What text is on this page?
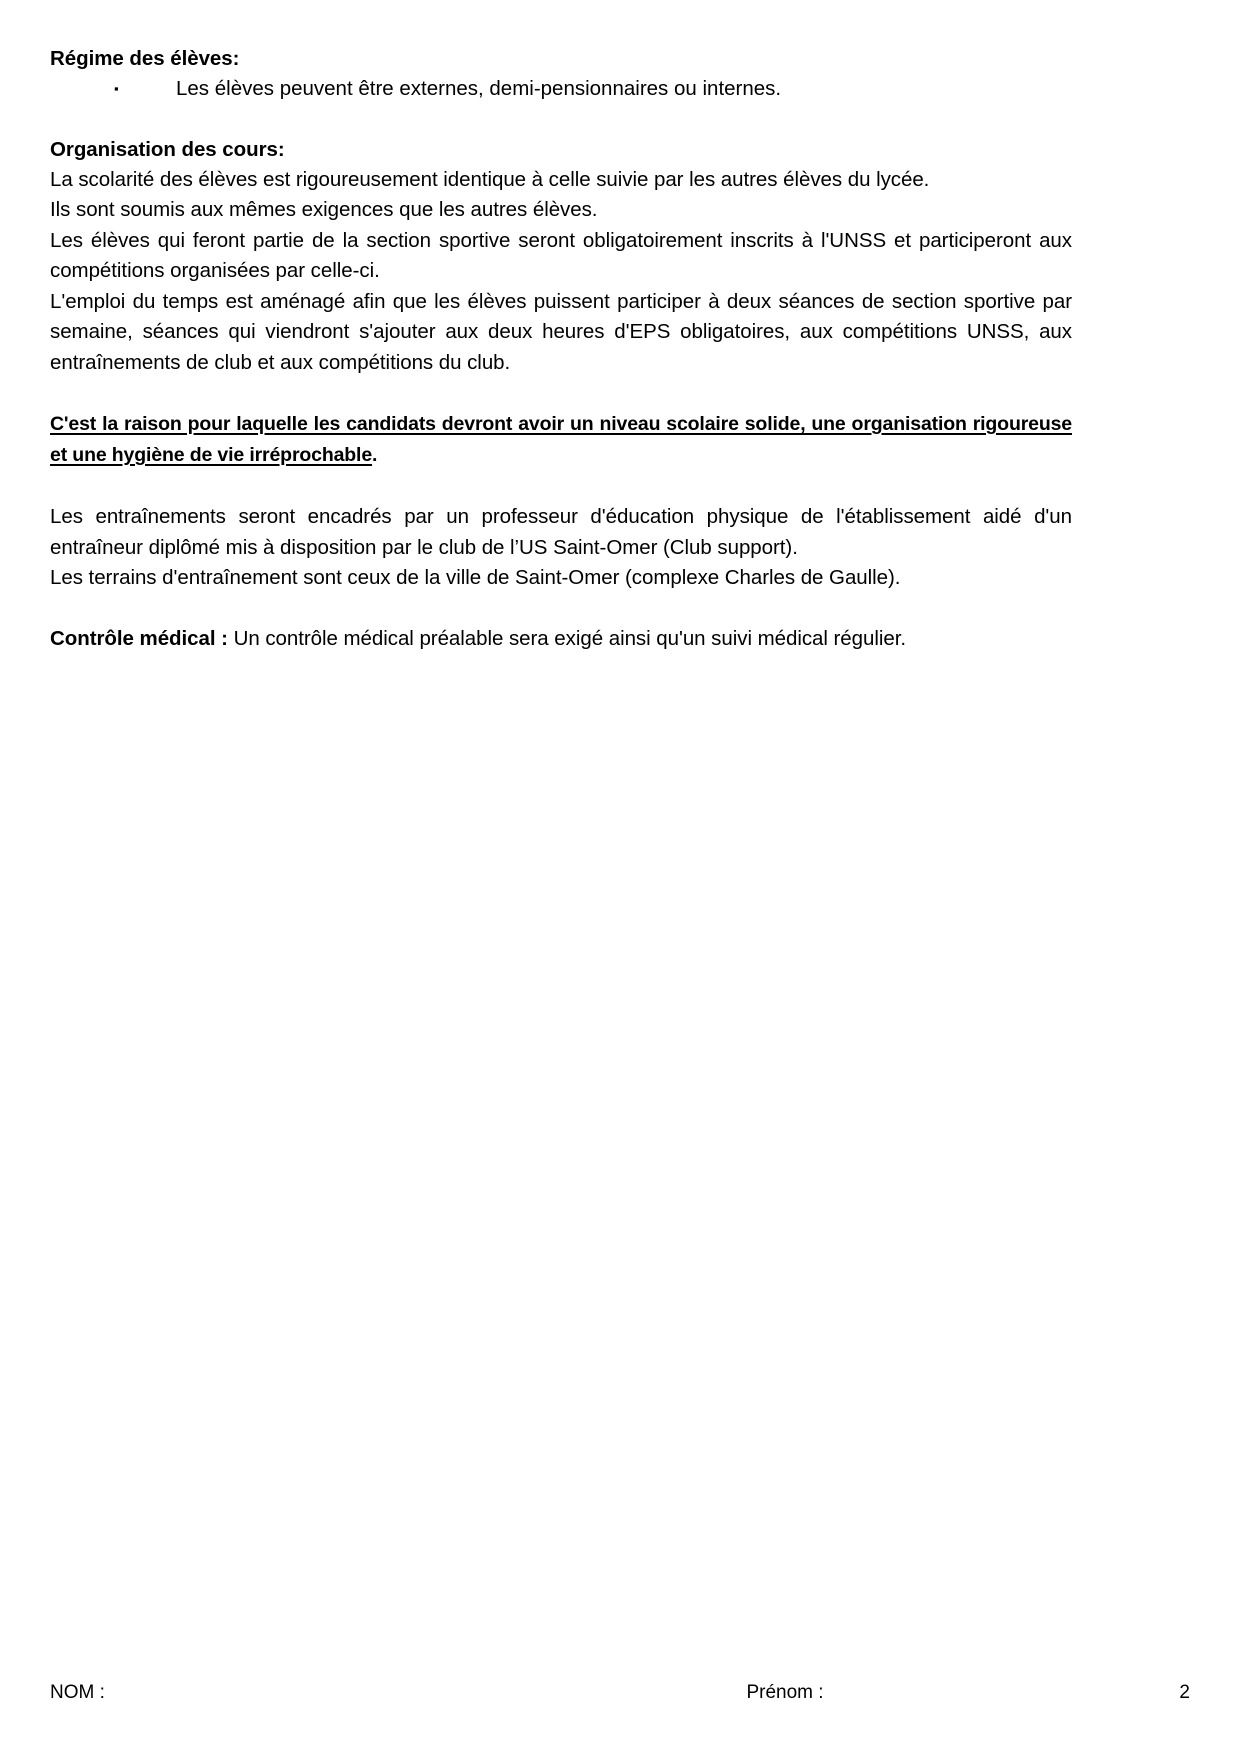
Régime des élèves:

▪	Les élèves peuvent être externes, demi-pensionnaires ou internes.

Organisation des cours:

La scolarité des élèves est rigoureusement identique à celle suivie par les autres élèves du lycée.

Ils sont soumis aux mêmes exigences que les autres élèves.

Les élèves qui feront partie de la section sportive seront obligatoirement inscrits à l'UNSS et participeront aux compétitions organisées par celle-ci.

L'emploi du temps est aménagé afin que les élèves puissent participer à deux séances de section sportive par semaine, séances qui viendront s'ajouter aux deux heures d'EPS obligatoires, aux compétitions UNSS, aux entraînements de club et aux compétitions du club.

C'est la raison pour laquelle les candidats devront avoir un niveau scolaire solide, une organisation rigoureuse et une hygiène de vie irréprochable.

Les entraînements seront encadrés par un professeur d'éducation physique de l'établissement aidé d'un entraîneur diplômé mis à disposition par le club de l’US Saint-Omer (Club support).

Les terrains d'entraînement sont ceux de la ville de Saint-Omer (complexe Charles de Gaulle).

Contrôle médical : Un contrôle médical préalable sera exigé ainsi qu'un suivi médical régulier.

NOM :	Prénom :	2
